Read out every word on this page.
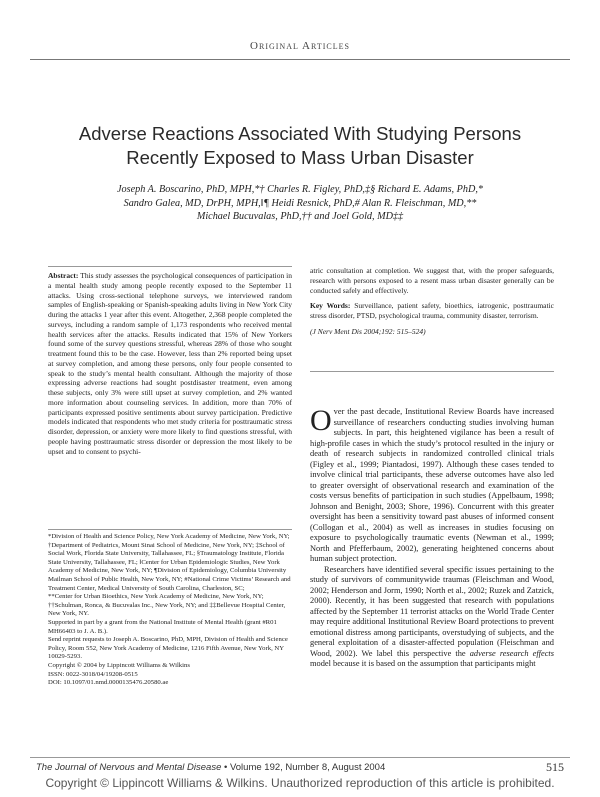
Original Articles
Adverse Reactions Associated With Studying Persons
Recently Exposed to Mass Urban Disaster
Joseph A. Boscarino, PhD, MPH,*† Charles R. Figley, PhD,‡§ Richard E. Adams, PhD,*
Sandro Galea, MD, DrPH, MPH,‖¶ Heidi Resnick, PhD,# Alan R. Fleischman, MD,**
Michael Bucuvalas, PhD,†† and Joel Gold, MD‡‡

Abstract: This study assesses the psychological consequences of participation in a mental health study among people recently exposed to the September 11 attacks. Using cross-sectional telephone surveys, we interviewed random samples of English-speaking or Spanish-speaking adults living in New York City during the attacks 1 year after this event. Altogether, 2,368 people completed the surveys, including a random sample of 1,173 respondents who received mental health services after the attacks. Results indicated that 15% of New Yorkers found some of the survey questions stressful, whereas 28% of those who sought treatment found this to be the case. However, less than 2% reported being upset at survey completion, and among these persons, only four people consented to speak to the study’s mental health consultant. Although the majority of those expressing adverse reactions had sought postdisaster treatment, even among these subjects, only 3% were still upset at survey completion, and 2% wanted more information about counseling services. In addition, more than 70% of participants expressed positive sentiments about survey participation. Predictive models indicated that respondents who met study criteria for posttraumatic stress disorder, depression, or anxiety were more likely to find questions stressful, with people having posttraumatic stress disorder or depression the most likely to be upset and to consent to psychi-

*Division of Health and Science Policy, New York Academy of Medicine, New York, NY; †Department of Pediatrics, Mount Sinai School of Medicine, New York, NY; ‡School of Social Work, Florida State University, Tallahassee, FL; §Traumatology Institute, Florida State University, Tallahassee, FL; ‖Center for Urban Epidemiologic Studies, New York Academy of Medicine, New York, NY; ¶Division of Epidemiology, Columbia University Mailman School of Public Health, New York, NY; #National Crime Victims’ Research and Treatment Center, Medical University of South Carolina, Charleston, SC;

**Center for Urban Bioethics, New York Academy of Medicine, New York, NY; ††Schulman, Ronca, & Bucuvalas Inc., New York, NY; and ‡‡Bellevue Hospital Center, New York, NY.

Supported in part by a grant from the National Institute of Mental Health (grant #R01 MH66403 to J. A. B.).

Send reprint requests to Joseph A. Boscarino, PhD, MPH, Division of Health and Science Policy, Room 552, New York Academy of Medicine, 1216 Fifth Avenue, New York, NY 10029-5293.

Copyright © 2004 by Lippincott Williams & Wilkins

ISSN: 0022-3018/04/19208-0515

DOI: 10.1097/01.nmd.0000135476.20580.ae

atric consultation at completion. We suggest that, with the proper safeguards, research with persons exposed to a resent mass urban disaster generally can be conducted safely and effectively.

Key Words: Surveillance, patient safety, bioethics, iatrogenic, posttraumatic stress disorder, PTSD, psychological trauma, community disaster, terrorism.

(J Nerv Ment Dis 2004;192: 515–524)

Over the past decade, Institutional Review Boards have increased surveillance of researchers conducting studies involving human subjects. In part, this heightened vigilance has been a result of high-profile cases in which the study’s protocol resulted in the injury or death of research subjects in randomized controlled clinical trials (Figley et al., 1999; Piantadosi, 1997). Although these cases tended to involve clinical trial participants, these adverse outcomes have also led to greater oversight of observational research and examination of the costs versus benefits of participation in such studies (Appelbaum, 1998; Johnson and Benight, 2003; Shore, 1996). Concurrent with this greater oversight has been a sensitivity toward past abuses of informed consent (Collogan et al., 2004) as well as increases in studies focusing on exposure to psychologically traumatic events (Newman et al., 1999; North and Pfefferbaum, 2002), generating heightened concerns about human subject protection.

Researchers have identified several specific issues pertaining to the study of survivors of communitywide traumas (Fleischman and Wood, 2002; Henderson and Jorm, 1990; North et al., 2002; Ruzek and Zatzick, 2000). Recently, it has been suggested that research with populations affected by the September 11 terrorist attacks on the World Trade Center may require additional Institutional Review Board protections to prevent emotional distress among participants, overstudying of subjects, and the general exploitation of a disaster-affected population (Fleischman and Wood, 2002). We label this perspective the adverse research effects model because it is based on the assumption that participants might

The Journal of Nervous and Mental Disease • Volume 192, Number 8, August 2004	515
Copyright © Lippincott Williams & Wilkins. Unauthorized reproduction of this article is prohibited.
